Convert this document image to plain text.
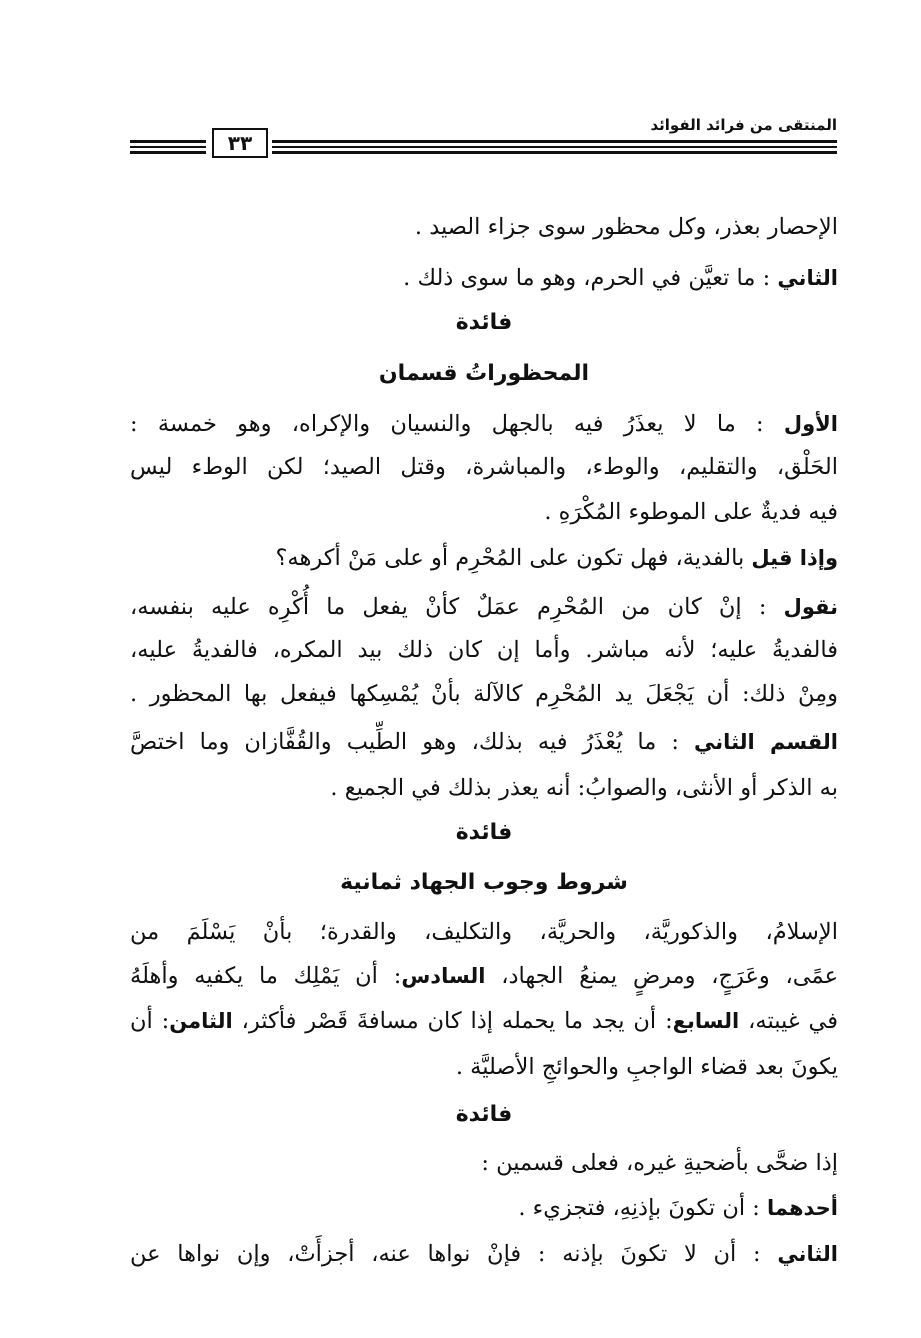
المنتقى من فرائد الفوائد
٣٣
الإحصار بعذر، وكل محظور سوى جزاء الصيد .
الثاني : ما تعيَّن في الحرم، وهو ما سوى ذلك .
فائدة
المحظوراتُ قسمان
الأول : ما لا يعذَرُ فيه بالجهل والنسيان والإكراه، وهو خمسة :
الحَلْق، والتقليم، والوطء، والمباشرة، وقتل الصيد؛ لكن الوطء ليس
فيه فديةٌ على الموطوء المُكْرَهِ .
وإذا قيل بالفدية، فهل تكون على المُحْرِم أو على مَنْ أكرهه؟
نقول : إنْ كان من المُحْرِم عمَلٌ كأنْ يفعل ما أُكْرِه عليه بنفسه،
فالفديةُ عليه؛ لأنه مباشر. وأما إن كان ذلك بيد المكره، فالفديةُ عليه،
ومِنْ ذلك: أن يَجْعَلَ يد المُحْرِم كالآلة بأنْ يُمْسِكها فيفعل بها المحظور .
القسم الثاني : ما يُعْذَرُ فيه بذلك، وهو الطِّيب والقُفَّازان وما اختصَّ
به الذكر أو الأنثى، والصوابُ: أنه يعذر بذلك في الجميع .
فائدة
شروط وجوب الجهاد ثمانية
الإسلامُ، والذكوريَّة، والحريَّة، والتكليف، والقدرة؛ بأنْ يَسْلَمَ من
عمًى، وعَرَجٍ، ومرضٍ يمنعُ الجهاد، السادس: أن يَمْلِك ما يكفيه وأهلَهُ
في غيبته، السابع: أن يجد ما يحمله إذا كان مسافةَ قَصْر فأكثر، الثامن: أن
يكونَ بعد قضاء الواجبِ والحوائجِ الأصليَّة .
فائدة
إذا ضحَّى بأضحيةِ غيره، فعلى قسمين :
أحدهما : أن تكونَ بإذنِهِ، فتجزيء .
الثاني : أن لا تكونَ بإذنه : فإنْ نواها عنه، أجزأَتْ، وإن نواها عن
